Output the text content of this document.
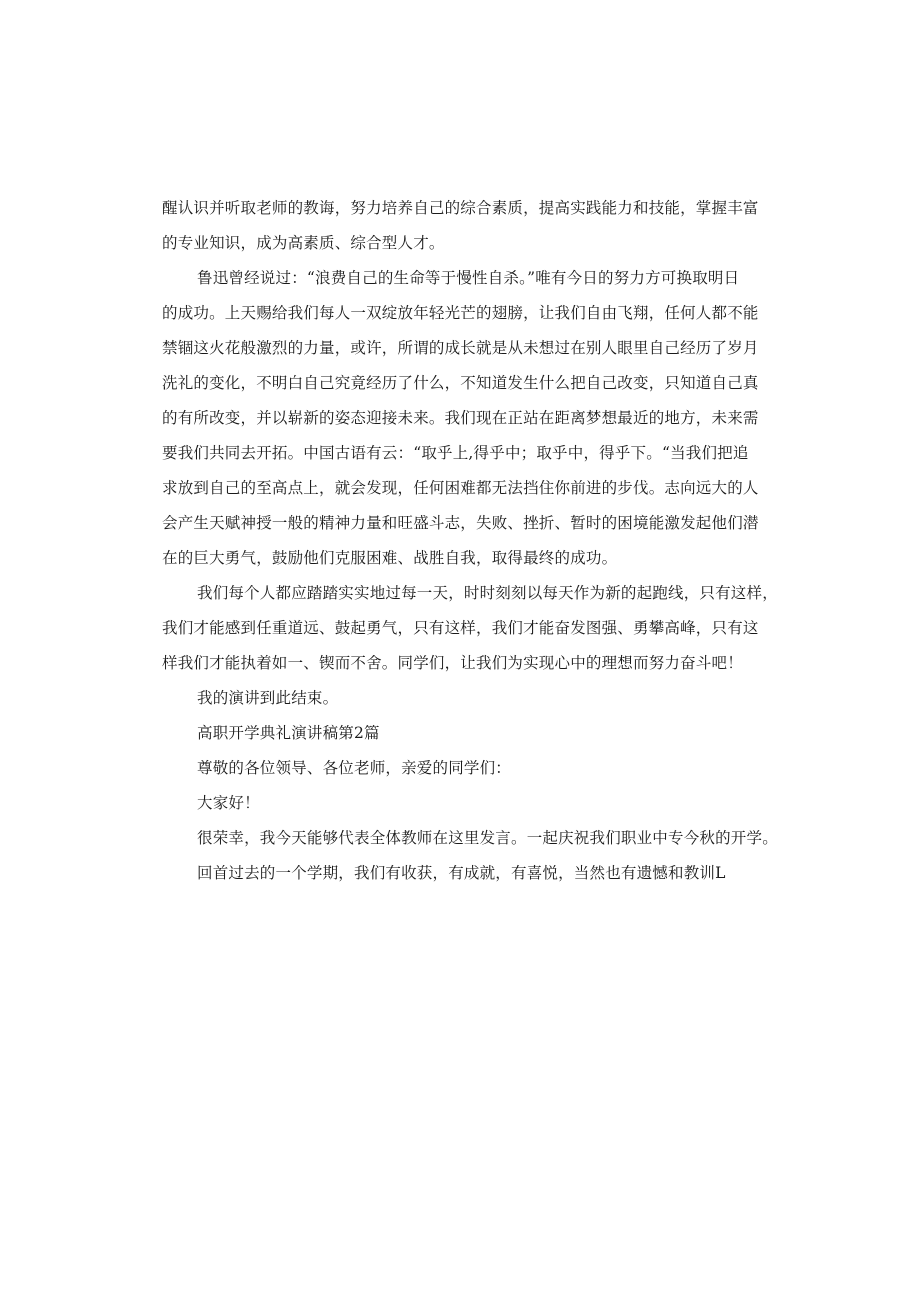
醒认识并听取老师的教诲，努力培养自己的综合素质，提高实践能力和技能，掌握丰富
的专业知识，成为高素质、综合型人才。
鲁迅曾经说过：“浪费自己的生命等于慢性自杀。”唯有今日的努力方可换取明日
的成功。上天赐给我们每人一双绽放年轻光芒的翅膀，让我们自由飞翔，任何人都不能
禁锢这火花般激烈的力量，或许，所谓的成长就是从未想过在别人眼里自己经历了岁月
洗礼的变化，不明白自己究竟经历了什么，不知道发生什么把自己改变，只知道自己真
的有所改变，并以崭新的姿态迎接未来。我们现在正站在距离梦想最近的地方，未来需
要我们共同去开拓。中国古语有云：“取乎上,得乎中；取乎中，得乎下。“当我们把追
求放到自己的至高点上，就会发现，任何困难都无法挡住你前进的步伐。志向远大的人
会产生天赋神授一般的精神力量和旺盛斗志，失败、挫折、暂时的困境能激发起他们潜
在的巨大勇气，鼓励他们克服困难、战胜自我，取得最终的成功。
我们每个人都应踏踏实实地过每一天，时时刻刻以每天作为新的起跑线，只有这样，
我们才能感到任重道远、鼓起勇气，只有这样，我们才能奋发图强、勇攀高峰，只有这
样我们才能执着如一、锲而不舍。同学们，让我们为实现心中的理想而努力奋斗吧！
我的演讲到此结束。
高职开学典礼演讲稿第2篇
尊敬的各位领导、各位老师，亲爱的同学们：
大家好！
很荣幸，我今天能够代表全体教师在这里发言。一起庆祝我们职业中专今秋的开学。
回首过去的一个学期，我们有收获，有成就，有喜悦，当然也有遗憾和教训L
